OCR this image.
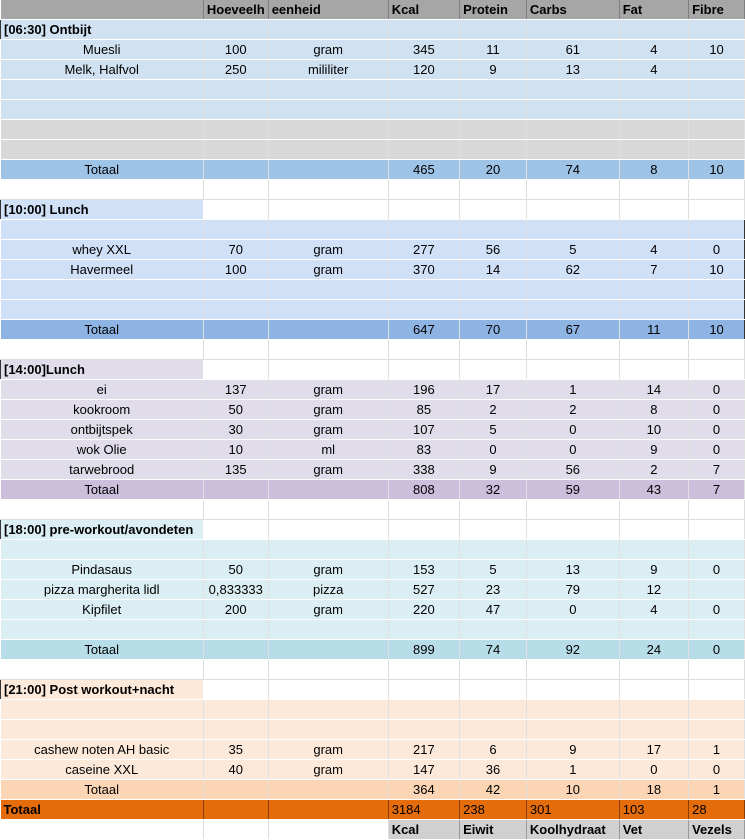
	Hoeveelh	eenheid	Kcal	Protein	Carbs	Fat	Fibre
[06:30] Ontbijt							
Muesli	100	gram	345	11	61	4	10
Melk, Halfvol	250	mililiter	120	9	13	4	

Totaal			465	20	74	8	10

[10:00] Lunch							

whey XXL	70	gram	277	56	5	4	0
Havermeel	100	gram	370	14	62	7	10

Totaal			647	70	67	11	10

[14:00]Lunch							
ei	137	gram	196	17	1	14	0
kookroom	50	gram	85	2	2	8	0
ontbijtspek	30	gram	107	5	0	10	0
wok Olie	10	ml	83	0	0	9	0
tarwebrood	135	gram	338	9	56	2	7
Totaal			808	32	59	43	7

[18:00] pre-workout/avondeten							

Pindasaus	50	gram	153	5	13	9	0
pizza margherita lidl	0,833333	pizza	527	23	79	12	
Kipfilet	200	gram	220	47	0	4	0

Totaal			899	74	92	24	0

[21:00] Post workout+nacht							

cashew noten AH basic	35	gram	217	6	9	17	1
caseine XXL	40	gram	147	36	1	0	0
Totaal			364	42	10	18	1
Totaal			3184	238	301	103	28
			Kcal	Eiwit	Koolhydraat	Vet	Vezels
